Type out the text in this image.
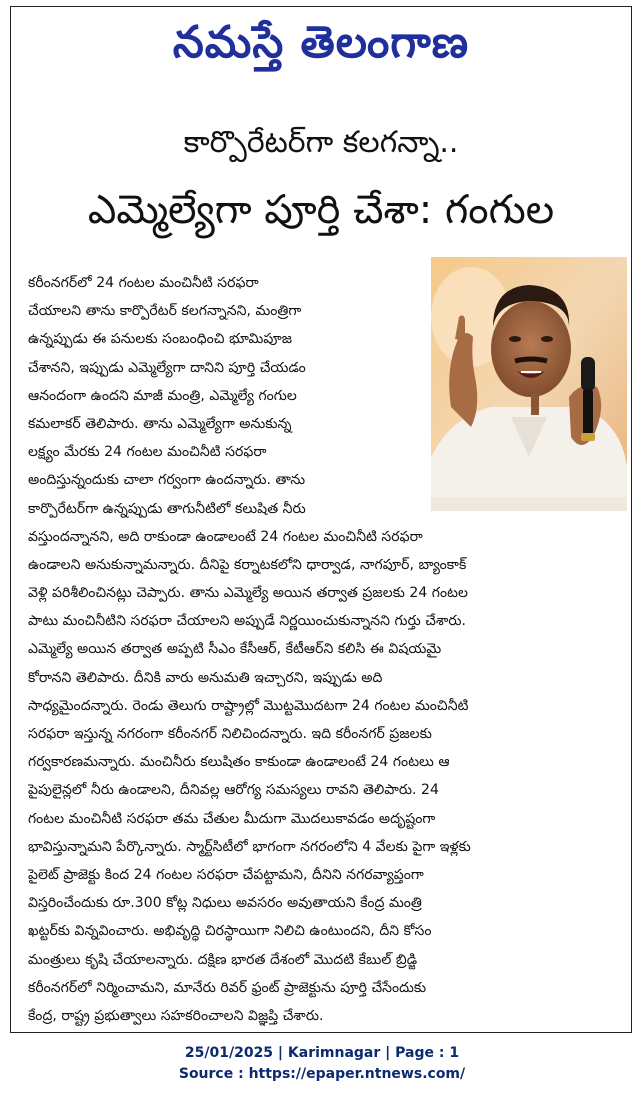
నమస్తే తెలంగాణ
కార్పొరేటర్‌గా కలగన్నా..
ఎమ్మెల్యేగా పూర్తి చేశా: గంగుల
కరీంనగర్‌లో 24 గంటల మంచినీటి సరఫరా
చేయాలని తాను కార్పొరేటర్‌ కలగన్నానని, మంత్రిగా
ఉన్నప్పుడు ఈ పనులకు సంబంధించి భూమిపూజ
చేశానని, ఇప్పుడు ఎమ్మెల్యేగా దానిని పూర్తి చేయడం
ఆనందంగా ఉందని మాజీ మంత్రి, ఎమ్మెల్యే గంగుల
కమలాకర్‌ తెలిపారు. తాను ఎమ్మెల్యేగా అనుకున్న
లక్ష్యం మేరకు 24 గంటల మంచినీటి సరఫరా
అందిస్తున్నందుకు చాలా గర్వంగా ఉందన్నారు. తాను
కార్పొరేటర్‌గా ఉన్నప్పుడు తాగునీటిలో కలుషిత నీరు
వస్తుందన్నానని, అది రాకుండా ఉండాలంటే 24 గంటల మంచినీటి సరఫరా
ఉండాలని అనుకున్నామన్నారు. దీనిపై కర్నాటకలోని ధార్వాడ, నాగపూర్‌, బ్యాంకాక్‌
వెళ్లి పరిశీలించినట్లు చెప్పారు. తాను ఎమ్మెల్యే అయిన తర్వాత ప్రజలకు 24 గంటల
పాటు మంచినీటిని సరఫరా చేయాలని అప్పుడే నిర్ణయించుకున్నానని గుర్తు చేశారు.
ఎమ్మెల్యే అయిన తర్వాత అప్పటి సీఎం కేసీఆర్‌, కేటీఆర్‌ని కలిసి ఈ విషయమై
కోరానని తెలిపారు. దీనికి వారు అనుమతి ఇచ్చారని, ఇప్పుడు అది
సాధ్యమైందన్నారు. రెండు తెలుగు రాష్ట్రాల్లో మొట్టమొదటగా 24 గంటల మంచినీటి
సరఫరా ఇస్తున్న నగరంగా కరీంనగర్‌ నిలిచిందన్నారు. ఇది కరీంనగర్‌ ప్రజలకు
గర్వకారణమన్నారు. మంచినీరు కలుషితం కాకుండా ఉండాలంటే 24 గంటలు ఆ
పైపులైన్లలో నీరు ఉండాలని, దీనివల్ల ఆరోగ్య సమస్యలు రావని తెలిపారు. 24
గంటల మంచినీటి సరఫరా తమ చేతుల మీదుగా మొదలుకావడం అదృష్టంగా
భావిస్తున్నామని పేర్కొన్నారు. స్మార్ట్‌సిటీలో భాగంగా నగరంలోని 4 వేలకు పైగా ఇళ్లకు
పైలెట్‌ ప్రాజెక్టు కింద 24 గంటల సరఫరా చేపట్టామని, దీనిని నగరవ్యాప్తంగా
విస్తరించేందుకు రూ.300 కోట్ల నిధులు అవసరం అవుతాయని కేంద్ర మంత్రి
ఖట్టర్‌కు విన్నవించారు. అభివృద్ధి చిరస్థాయిగా నిలిచి ఉంటుందని, దీని కోసం
మంత్రులు కృషి చేయాలన్నారు. దక్షిణ భారత దేశంలో మొదటి కేబుల్‌ బ్రిడ్జి
కరీంనగర్‌లో నిర్మించామని, మానేరు రివర్‌ ఫ్రంట్‌ ప్రాజెక్టును పూర్తి చేసేందుకు
కేంద్ర, రాష్ట్ర ప్రభుత్వాలు సహకరించాలని విజ్ఞప్తి చేశారు.
25/01/2025 | Karimnagar | Page : 1
Source : https://epaper.ntnews.com/
